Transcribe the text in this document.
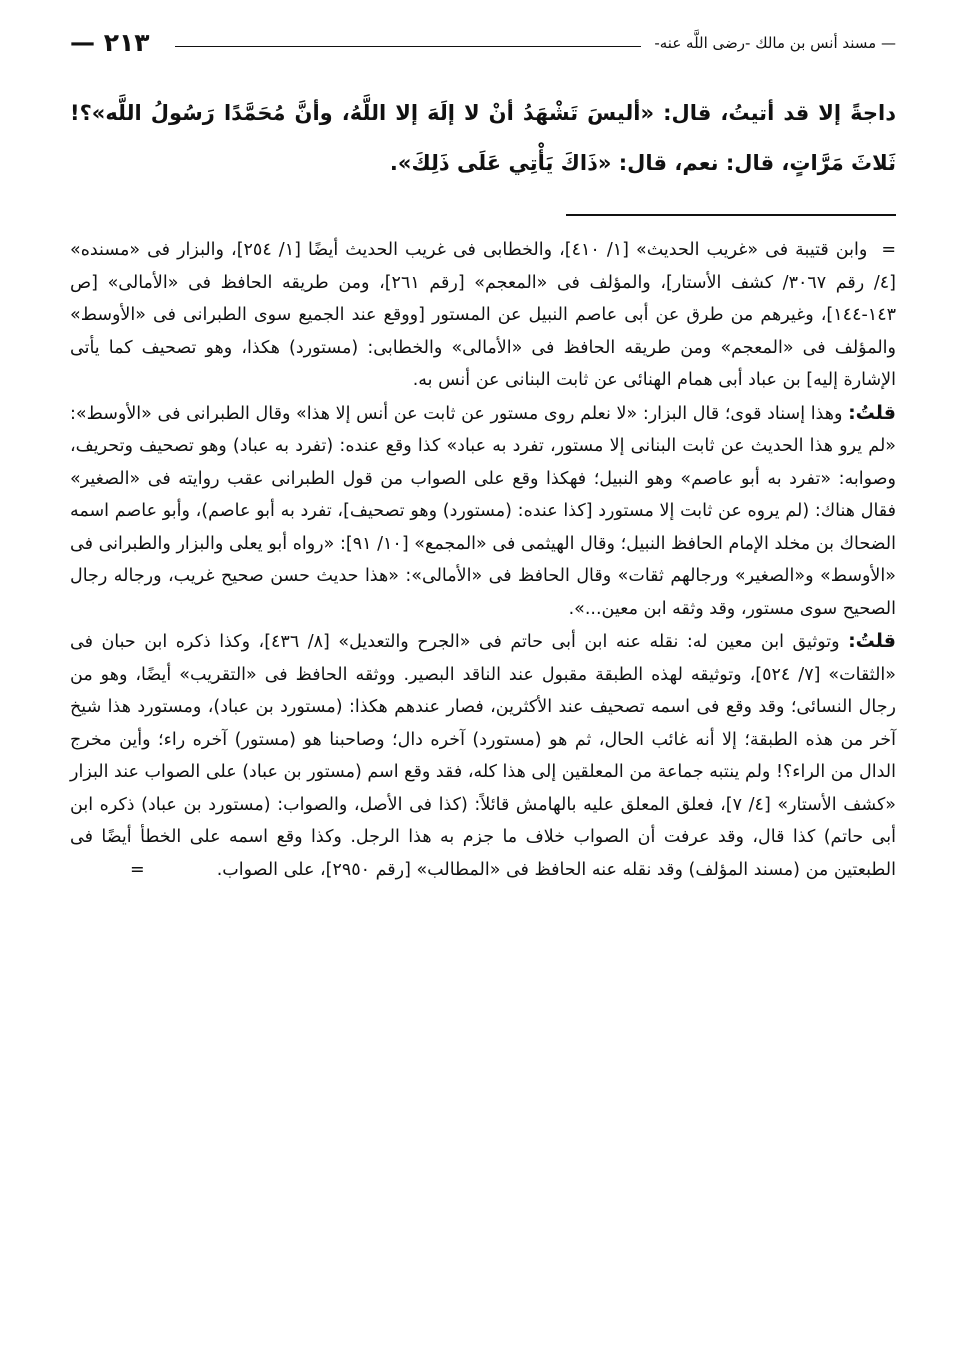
— مسند أنس بن مالك -رضى اللَّه عنه-
٢١٣ —

داجةً إلا قد أتيتُ، قال: «أليسَ تَشْهَدُ أنْ لا إلَهَ إلا اللَّهُ، وأنَّ مُحَمَّدًا رَسُولُ اللَّه»؟! ثَلاثَ مَرَّاتٍ، قال: نعم، قال: «ذَاكَ يَأْتِي عَلَى ذَلِكَ».

=وابن قتيبة فى «غريب الحديث» [١/ ٤١٠]، والخطابى فى غريب الحديث أيضًا [١/ ٢٥٤]، والبزار فى «مسنده» [٤/ رقم ٣٠٦٧/ كشف الأستار]، والمؤلف فى «المعجم» [رقم ٢٦١]، ومن طريقه الحافظ فى «الأمالى» [ص ١٤٣-١٤٤]، وغيرهم من طرق عن أبى عاصم النبيل عن المستور [ووقع عند الجميع سوى الطبرانى فى «الأوسط» والمؤلف فى «المعجم» ومن طريقه الحافظ فى «الأمالى» والخطابى: (مستورد) هكذا، وهو تصحيف كما يأتى الإشارة إليه] بن عباد أبى همام الهنائى عن ثابت البنانى عن أنس به.

قلتُ: وهذا إسناد قوى؛ قال البزار: «لا نعلم روى مستور عن ثابت عن أنس إلا هذا» وقال الطبرانى فى «الأوسط»: «لم يرو هذا الحديث عن ثابت البنانى إلا مستور، تفرد به عباد» كذا وقع عنده: (تفرد به عباد) وهو تصحيف وتحريف، وصوابه: «تفرد به أبو عاصم» وهو النبيل؛ فهكذا وقع على الصواب من قول الطبرانى عقب روايته فى «الصغير» فقال هناك: (لم يروه عن ثابت إلا مستورد [كذا عنده: (مستورد) وهو تصحيف]، تفرد به أبو عاصم)، وأبو عاصم اسمه الضحاك بن مخلد الإمام الحافظ النبيل؛ وقال الهيثمى فى «المجمع» [١٠/ ٩١]: «رواه أبو يعلى والبزار والطبرانى فى «الأوسط» و«الصغير» ورجالهم ثقات» وقال الحافظ فى «الأمالى»: «هذا حديث حسن صحيح غريب، ورجاله رجال الصحيح سوى مستور، وقد وثقه ابن معين...».

قلتُ: وتوثيق ابن معين له: نقله عنه ابن أبى حاتم فى «الجرح والتعديل» [٨/ ٤٣٦]، وكذا ذكره ابن حبان فى «الثقات» [٧/ ٥٢٤]، وتوثيقه لهذه الطبقة مقبول عند الناقد البصير. ووثقه الحافظ فى «التقريب» أيضًا، وهو من رجال النسائى؛ وقد وقع فى اسمه تصحيف عند الأكثرين، فصار عندهم هكذا: (مستورد بن عباد)، ومستورد هذا شيخ آخر من هذه الطبقة؛ إلا أنه غائب الحال، ثم هو (مستورد) آخره دال؛ وصاحبنا هو (مستور) آخره راء؛ وأين مخرج الدال من الراء؟! ولم ينتبه جماعة من المعلقين إلى هذا كله، فقد وقع اسم (مستور بن عباد) على الصواب عند البزار «كشف الأستار» [٤/ ٧]، فعلق المعلق عليه بالهامش قائلاً: (كذا فى الأصل، والصواب: (مستورد بن عباد) ذكره ابن أبى حاتم) كذا قال، وقد عرفت أن الصواب خلاف ما جزم به هذا الرجل. وكذا وقع اسمه على الخطأ أيضًا فى الطبعتين من (مسند المؤلف) وقد نقله عنه الحافظ فى «المطالب» [رقم ٢٩٥٠]، على الصواب.
=
